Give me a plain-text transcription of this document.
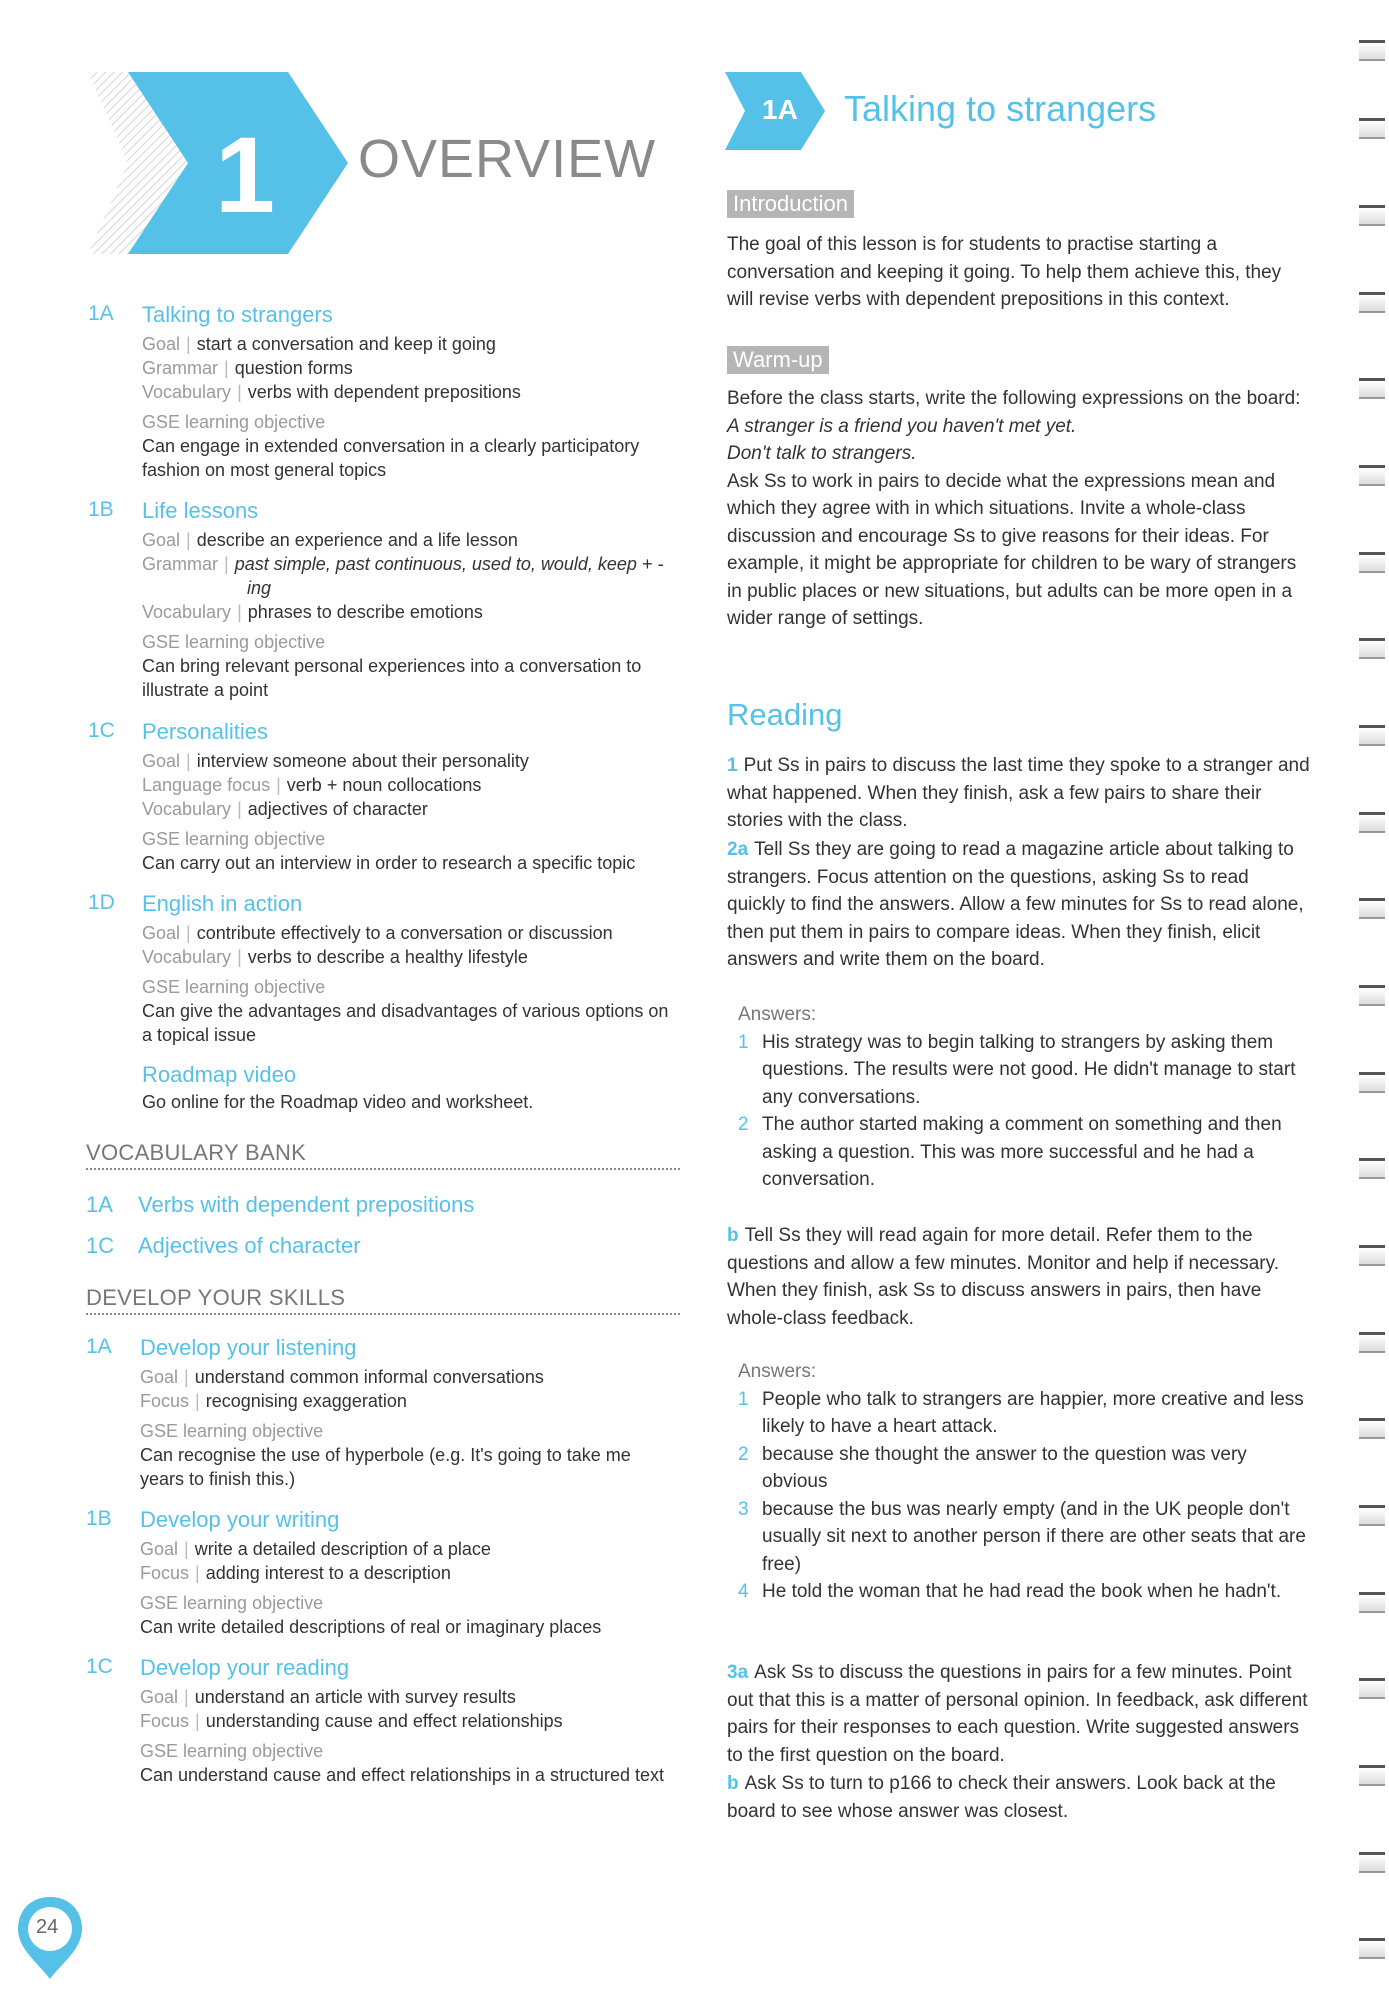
1 OVERVIEW
1A Talking to strangers
Goal | start a conversation and keep it going
Grammar | question forms
Vocabulary | verbs with dependent prepositions
GSE learning objective
Can engage in extended conversation in a clearly participatory fashion on most general topics
1B Life lessons
Goal | describe an experience and a life lesson
Grammar | past simple, past continuous, used to, would, keep + -ing
Vocabulary | phrases to describe emotions
GSE learning objective
Can bring relevant personal experiences into a conversation to illustrate a point
1C Personalities
Goal | interview someone about their personality
Language focus | verb + noun collocations
Vocabulary | adjectives of character
GSE learning objective
Can carry out an interview in order to research a specific topic
1D English in action
Goal | contribute effectively to a conversation or discussion
Vocabulary | verbs to describe a healthy lifestyle
GSE learning objective
Can give the advantages and disadvantages of various options on a topical issue
Roadmap video
Go online for the Roadmap video and worksheet.
VOCABULARY BANK
1A Verbs with dependent prepositions
1C Adjectives of character
DEVELOP YOUR SKILLS
1A Develop your listening
Goal | understand common informal conversations
Focus | recognising exaggeration
GSE learning objective
Can recognise the use of hyperbole (e.g. It's going to take me years to finish this.)
1B Develop your writing
Goal | write a detailed description of a place
Focus | adding interest to a description
GSE learning objective
Can write detailed descriptions of real or imaginary places
1C Develop your reading
Goal | understand an article with survey results
Focus | understanding cause and effect relationships
GSE learning objective
Can understand cause and effect relationships in a structured text
24
1A Talking to strangers
Introduction
The goal of this lesson is for students to practise starting a conversation and keeping it going. To help them achieve this, they will revise verbs with dependent prepositions in this context.
Warm-up
Before the class starts, write the following expressions on the board:
A stranger is a friend you haven't met yet.
Don't talk to strangers.
Ask Ss to work in pairs to decide what the expressions mean and which they agree with in which situations. Invite a whole-class discussion and encourage Ss to give reasons for their ideas. For example, it might be appropriate for children to be wary of strangers in public places or new situations, but adults can be more open in a wider range of settings.
Reading
1 Put Ss in pairs to discuss the last time they spoke to a stranger and what happened. When they finish, ask a few pairs to share their stories with the class.
2a Tell Ss they are going to read a magazine article about talking to strangers. Focus attention on the questions, asking Ss to read quickly to find the answers. Allow a few minutes for Ss to read alone, then put them in pairs to compare ideas. When they finish, elicit answers and write them on the board.
Answers:
1 His strategy was to begin talking to strangers by asking them questions. The results were not good. He didn't manage to start any conversations.
2 The author started making a comment on something and then asking a question. This was more successful and he had a conversation.
b Tell Ss they will read again for more detail. Refer them to the questions and allow a few minutes. Monitor and help if necessary. When they finish, ask Ss to discuss answers in pairs, then have whole-class feedback.
Answers:
1 People who talk to strangers are happier, more creative and less likely to have a heart attack.
2 because she thought the answer to the question was very obvious
3 because the bus was nearly empty (and in the UK people don't usually sit next to another person if there are other seats that are free)
4 He told the woman that he had read the book when he hadn't.
3a Ask Ss to discuss the questions in pairs for a few minutes. Point out that this is a matter of personal opinion. In feedback, ask different pairs for their responses to each question. Write suggested answers to the first question on the board.
b Ask Ss to turn to p166 to check their answers. Look back at the board to see whose answer was closest.
